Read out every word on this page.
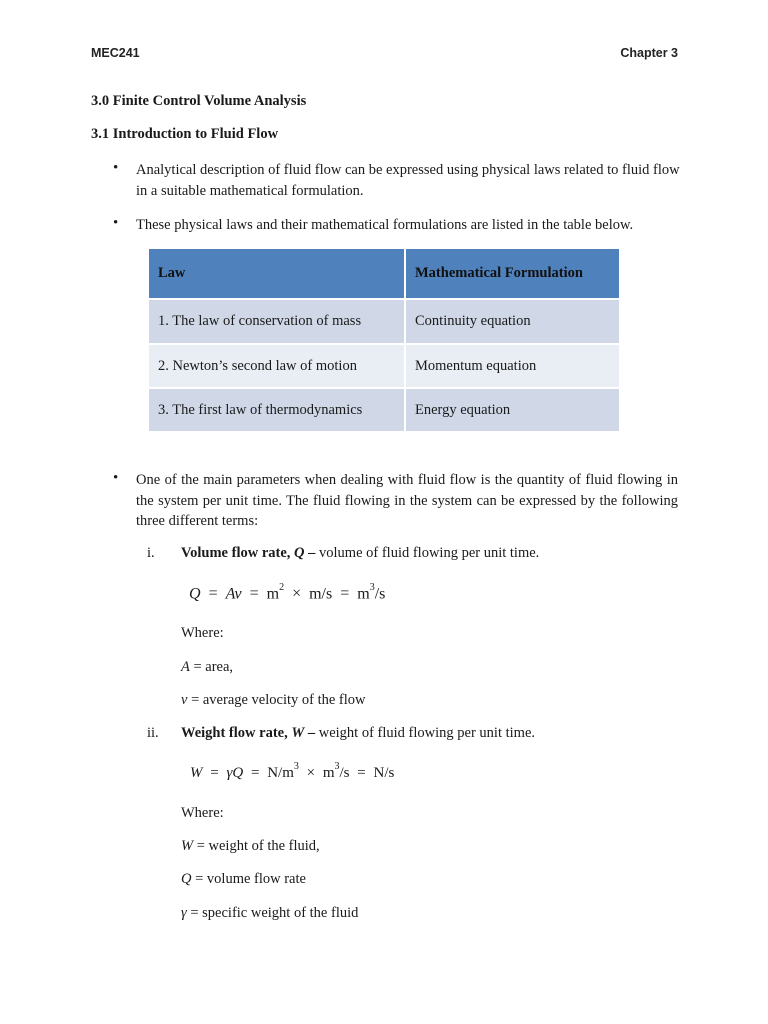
MEC241	Chapter 3
3.0 Finite Control Volume Analysis
3.1 Introduction to Fluid Flow
• Analytical description of fluid flow can be expressed using physical laws related to fluid flow in a suitable mathematical formulation.
• These physical laws and their mathematical formulations are listed in the table below.
Law	Mathematical Formulation
1. The law of conservation of mass	Continuity equation
2. Newton’s second law of motion	Momentum equation
3. The first law of thermodynamics	Energy equation
• One of the main parameters when dealing with fluid flow is the quantity of fluid flowing in the system per unit time. The fluid flowing in the system can be expressed by the following three different terms:
i. Volume flow rate, Q – volume of fluid flowing per unit time.
$Q = Av = m^2 \times m/s = m^3/s$
Where:
A = area,
v = average velocity of the flow
ii. Weight flow rate, W – weight of fluid flowing per unit time.
$W = \gamma Q = N/m^3 \times m^3/s = N/s$
Where:
W = weight of the fluid,
Q = volume flow rate
γ = specific weight of the fluid
